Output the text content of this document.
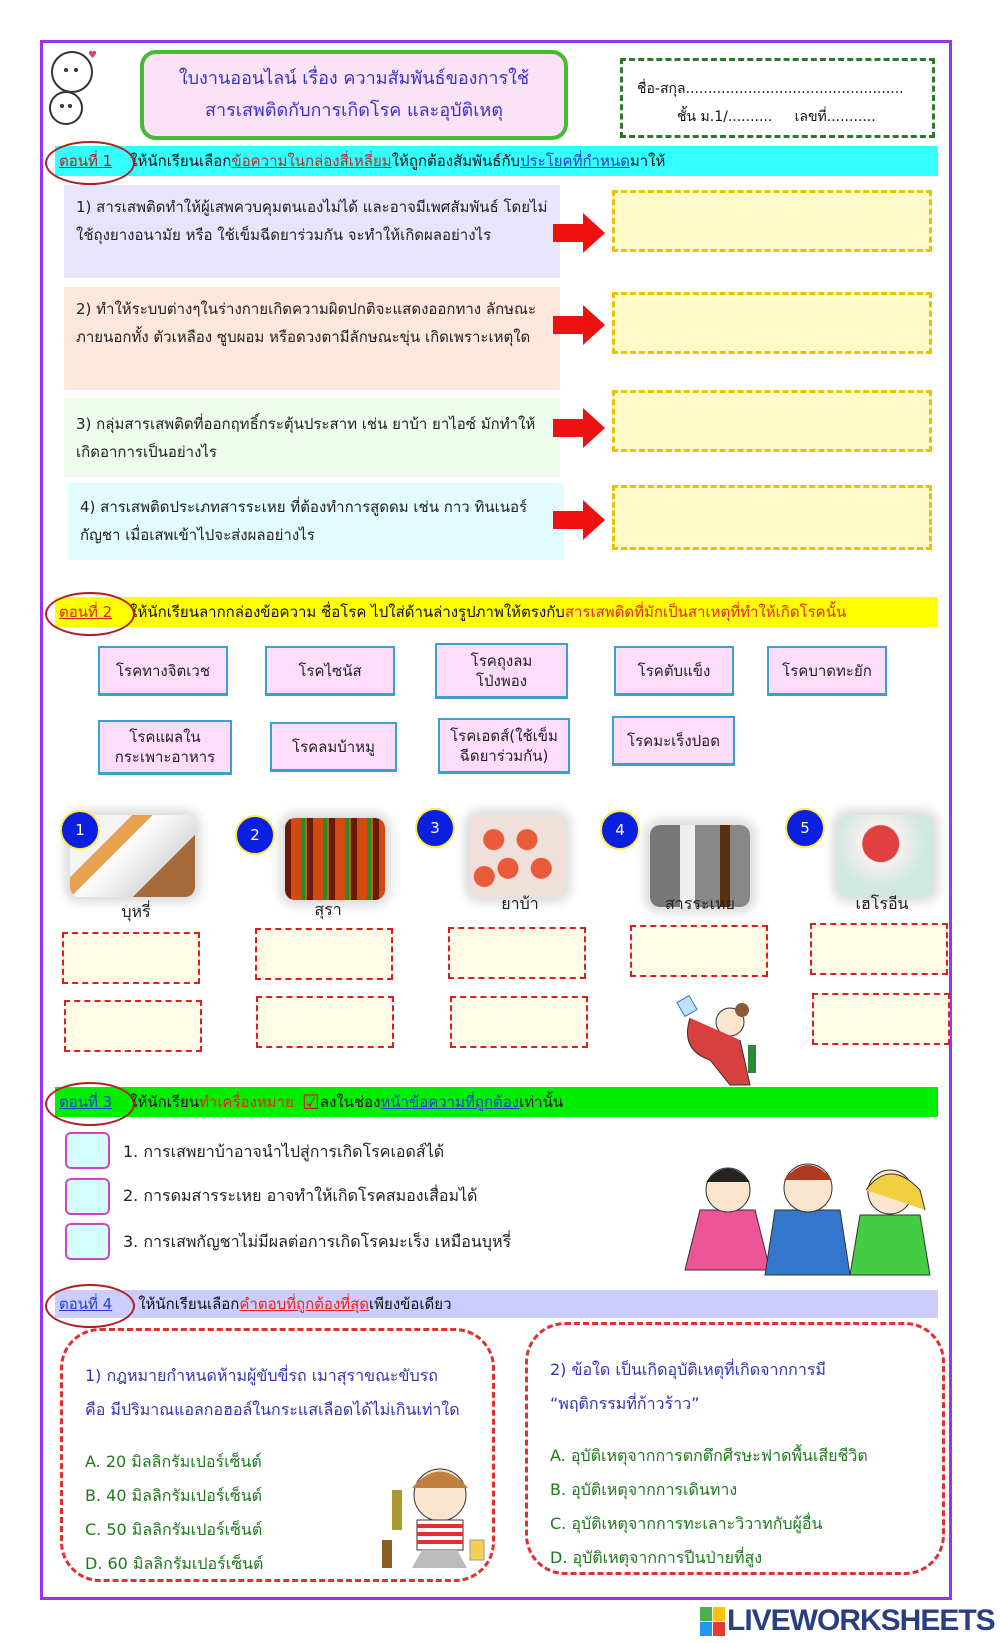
♥
ใบงานออนไลน์ เรื่อง ความสัมพันธ์ของการใช้
สารเสพติดกับการเกิดโรค และอุบัติเหตุ
ชื่อ-สกุล.................................................
ชั้น ม.1/.......... เลขที่...........
ตอนที่ 1	ให้นักเรียนเลือก ข้อความในกล่องสี่เหลี่ยม ให้ถูกต้องสัมพันธ์กับ ประโยคที่กำหนด มาให้
1) สารเสพติดทำให้ผู้เสพควบคุมตนเองไม่ได้ และอาจมีเพศสัมพันธ์ โดยไม่ใช้ถุงยางอนามัย หรือ ใช้เข็มฉีดยาร่วมกัน จะทำให้เกิดผลอย่างไร
2) ทำให้ระบบต่างๆในร่างกายเกิดความผิดปกติจะแสดงออกทาง ลักษณะภายนอกทั้ง ตัวเหลือง ซูบผอม หรือดวงตามีลักษณะขุ่น เกิดเพราะเหตุใด
3) กลุ่มสารเสพติดที่ออกฤทธิ์กระตุ้นประสาท เช่น ยาบ้า ยาไอซ์ มักทำให้เกิดอาการเป็นอย่างไร
4) สารเสพติดประเภทสารระเหย ที่ต้องทำการสูดดม เช่น กาว ทินเนอร์ กัญชา เมื่อเสพเข้าไปจะส่งผลอย่างไร
ตอนที่ 2	ให้นักเรียนลากกล่องข้อความ ชื่อโรค ไปใส่ด้านล่างรูปภาพให้ตรงกับ สารเสพติดที่มักเป็นสาเหตุที่ทำให้เกิดโรคนั้น
โรคทางจิตเวช	โรคไซนัส
โรคถุงลม โป่งพอง
โรคตับแข็ง	โรคบาดทะยัก
โรคแผลใน กระเพาะอาหาร
โรคลมบ้าหมู
โรคเอดส์(ใช้เข็ม ฉีดยาร่วมกัน)
โรคมะเร็งปอด
1	2	3	4	5
บุหรี่	สุรา	ยาบ้า	สารระเหย	เฮโรอีน
ตอนที่ 3	ให้นักเรียน ทำเครื่องหมาย ☑ ลงในช่อง หน้าข้อความที่ถูกต้อง เท่านั้น
1. การเสพยาบ้าอาจนำไปสู่การเกิดโรคเอดส์ได้
2. การดมสารระเหย อาจทำให้เกิดโรคสมองเสื่อมได้
3. การเสพกัญชาไม่มีผลต่อการเกิดโรคมะเร็ง เหมือนบุหรี่
ตอนที่ 4	ให้นักเรียนเลือก คำตอบที่ถูกต้องที่สุด เพียงข้อเดียว
1) กฎหมายกำหนดห้ามผู้ขับขี่รถ เมาสุราขณะขับรถ
คือ มีปริมาณแอลกอฮอล์ในกระแสเลือดได้ไม่เกินเท่าใด
A. 20 มิลลิกรัมเปอร์เซ็นต์
B. 40 มิลลิกรัมเปอร์เซ็นต์
C. 50 มิลลิกรัมเปอร์เซ็นต์
D. 60 มิลลิกรัมเปอร์เซ็นต์
2) ข้อใด เป็นเกิดอุบัติเหตุที่เกิดจากการมี
“พฤติกรรมที่ก้าวร้าว”
A. อุบัติเหตุจากการตกตึกศีรษะฟาดพื้นเสียชีวิต
B. อุบัติเหตุจากการเดินทาง
C. อุบัติเหตุจากการทะเลาะวิวาทกับผู้อื่น
D. อุบัติเหตุจากการปีนป่ายที่สูง
LIVEWORKSHEETS
